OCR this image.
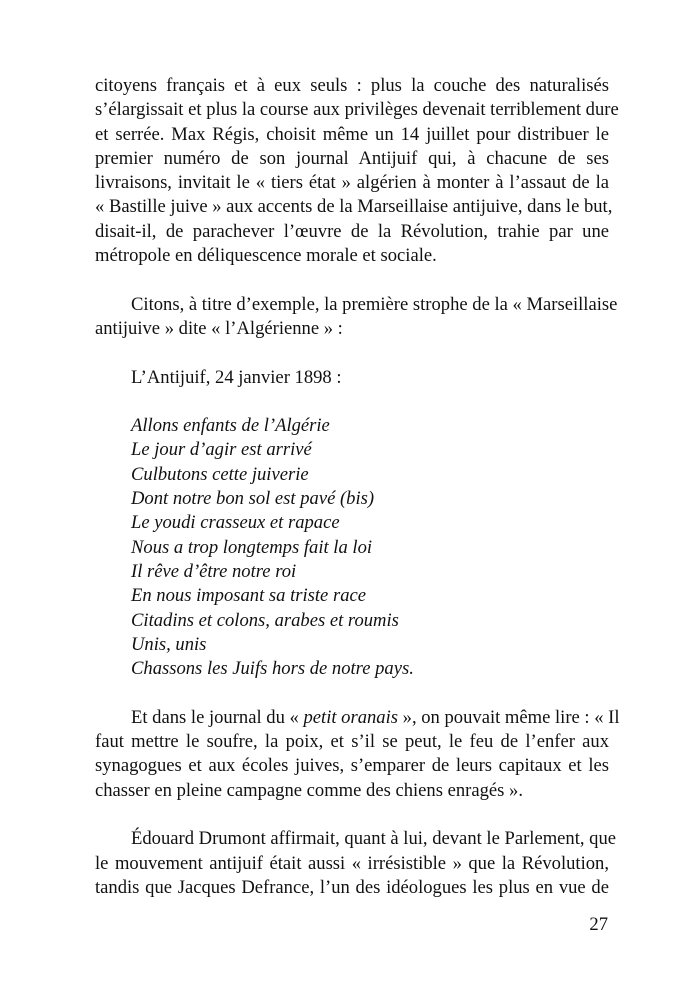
citoyens français et à eux seuls : plus la couche des naturalisés
s’élargissait et plus la course aux privilèges devenait terriblement dure
et serrée. Max Régis, choisit même un 14 juillet pour distribuer le
premier numéro de son journal Antijuif qui, à chacune de ses
livraisons, invitait le « tiers état » algérien à monter à l’assaut de la
« Bastille juive » aux accents de la Marseillaise antijuive, dans le but,
disait-il, de parachever l’œuvre de la Révolution, trahie par une
métropole en déliquescence morale et sociale.
Citons, à titre d’exemple, la première strophe de la « Marseillaise
antijuive » dite « l’Algérienne » :
L’Antijuif, 24 janvier 1898 :
Allons enfants de l’Algérie
Le jour d’agir est arrivé
Culbutons cette juiverie
Dont notre bon sol est pavé (bis)
Le youdi crasseux et rapace
Nous a trop longtemps fait la loi
Il rêve d’être notre roi
En nous imposant sa triste race
Citadins et colons, arabes et roumis
Unis, unis
Chassons les Juifs hors de notre pays.
Et dans le journal du « petit oranais », on pouvait même lire : « Il
faut mettre le soufre, la poix, et s’il se peut, le feu de l’enfer aux
synagogues et aux écoles juives, s’emparer de leurs capitaux et les
chasser en pleine campagne comme des chiens enragés ».
Édouard Drumont affirmait, quant à lui, devant le Parlement, que
le mouvement antijuif était aussi « irrésistible » que la Révolution,
tandis que Jacques Defrance, l’un des idéologues les plus en vue de
27
